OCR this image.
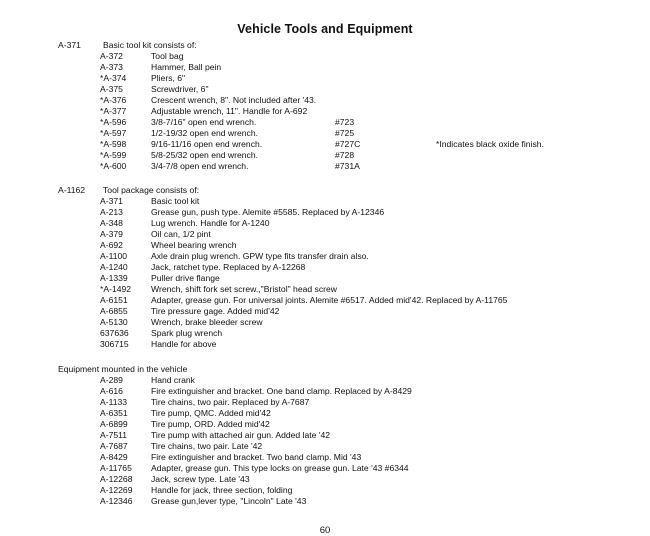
Vehicle Tools and Equipment
A-371	Basic tool kit consists of:
A-372	Tool bag
A-373	Hammer, Ball pein
*A-374	Pliers, 6"
A-375	Screwdriver, 6"
*A-376	Crescent wrench, 8". Not included after '43.
*A-377	Adjustable wrench, 11". Handle for A-692
*A-596	3/8-7/16" open end wrench.	#723
*A-597	1/2-19/32 open end wrench.	#725
*A-598	9/16-11/16 open end wrench.	#727C	*Indicates black oxide finish.
*A-599	5/8-25/32 open end wrench.	#728
*A-600	3/4-7/8 open end wrench.	#731A
A-1162 Tool package consists of:
A-371	Basic tool kit
A-213	Grease gun, push type. Alemite #5585. Replaced by A-12346
A-348	Lug wrench. Handle for A-1240
A-379	Oil can, 1/2 pint
A-692	Wheel bearing wrench
A-1100	Axle drain plug wrench. GPW type fits transfer drain also.
A-1240	Jack, ratchet type. Replaced by A-12268
A-1339	Puller drive flange
*A-1492	Wrench, shift fork set screw.,"Bristol" head screw
A-6151	Adapter, grease gun. For universal joints. Alemite #6517. Added mid'42. Replaced by A-11765
A-6855	Tire pressure gage. Added mid'42
A-5130	Wrench, brake bleeder screw
637636	Spark plug wrench
306715	Handle for above
Equipment mounted in the vehicle
A-289	Hand crank
A-616	Fire extinguisher and bracket. One band clamp. Replaced by A-8429
A-1133	Tire chains, two pair. Replaced by A-7687
A-6351	Tire pump, QMC. Added mid'42
A-6899	Tire pump, ORD. Added mid'42
A-7511	Tire pump with attached air gun. Added late '42
A-7687	Tire chains, two pair. Late '42
A-8429	Fire extinguisher and bracket. Two band clamp. Mid '43
A-11765	Adapter, grease gun. This type locks on grease gun. Late '43 #6344
A-12268	Jack, screw type. Late '43
A-12269	Handle for jack, three section, folding
A-12346	Grease gun,lever type, "Lincoln" Late '43
60
